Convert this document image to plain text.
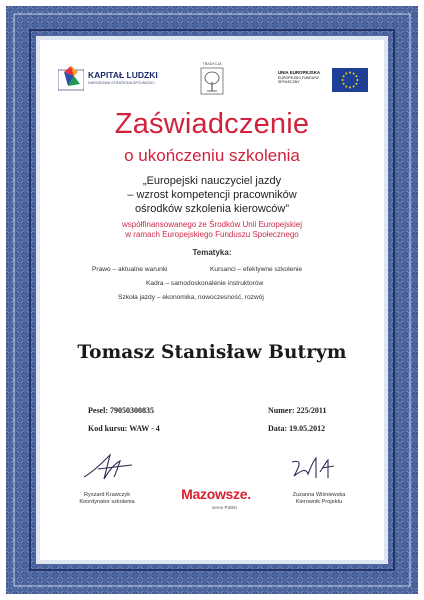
KAPITAŁ LUDZKI
NARODOWA STRATEGIA SPÓJNOŚCI
TRADYCJA
UNIA EUROPEJSKA
EUROPEJSKI FUNDUSZ SPOŁECZNY
Zaświadczenie
o ukończeniu szkolenia
„Europejski nauczyciel jazdy
– wzrost kompetencji pracowników
ośrodków szkolenia kierowców”
współfinansowanego ze Środków Unii Europejskiej
w ramach Europejskiego Funduszu Społecznego
Tematyka:
Prawo – aktualne warunki	Kursanci – efektywne szkolenie
Kadra – samodoskonalenie instruktorów
Szkoła jazdy – ekonomika, nowoczesność, rozwój
Tomasz Stanisław Butrym
Pesel: 79050300835	Numer: 225/2011
Kod kursu: WAW - 4	Data: 19.05.2012
Ryszard Krawczyk
Koordynator szkolenia	Mazowsze.
serce Polski
Zuzanna Wiśniewska
Kierownik Projektu
